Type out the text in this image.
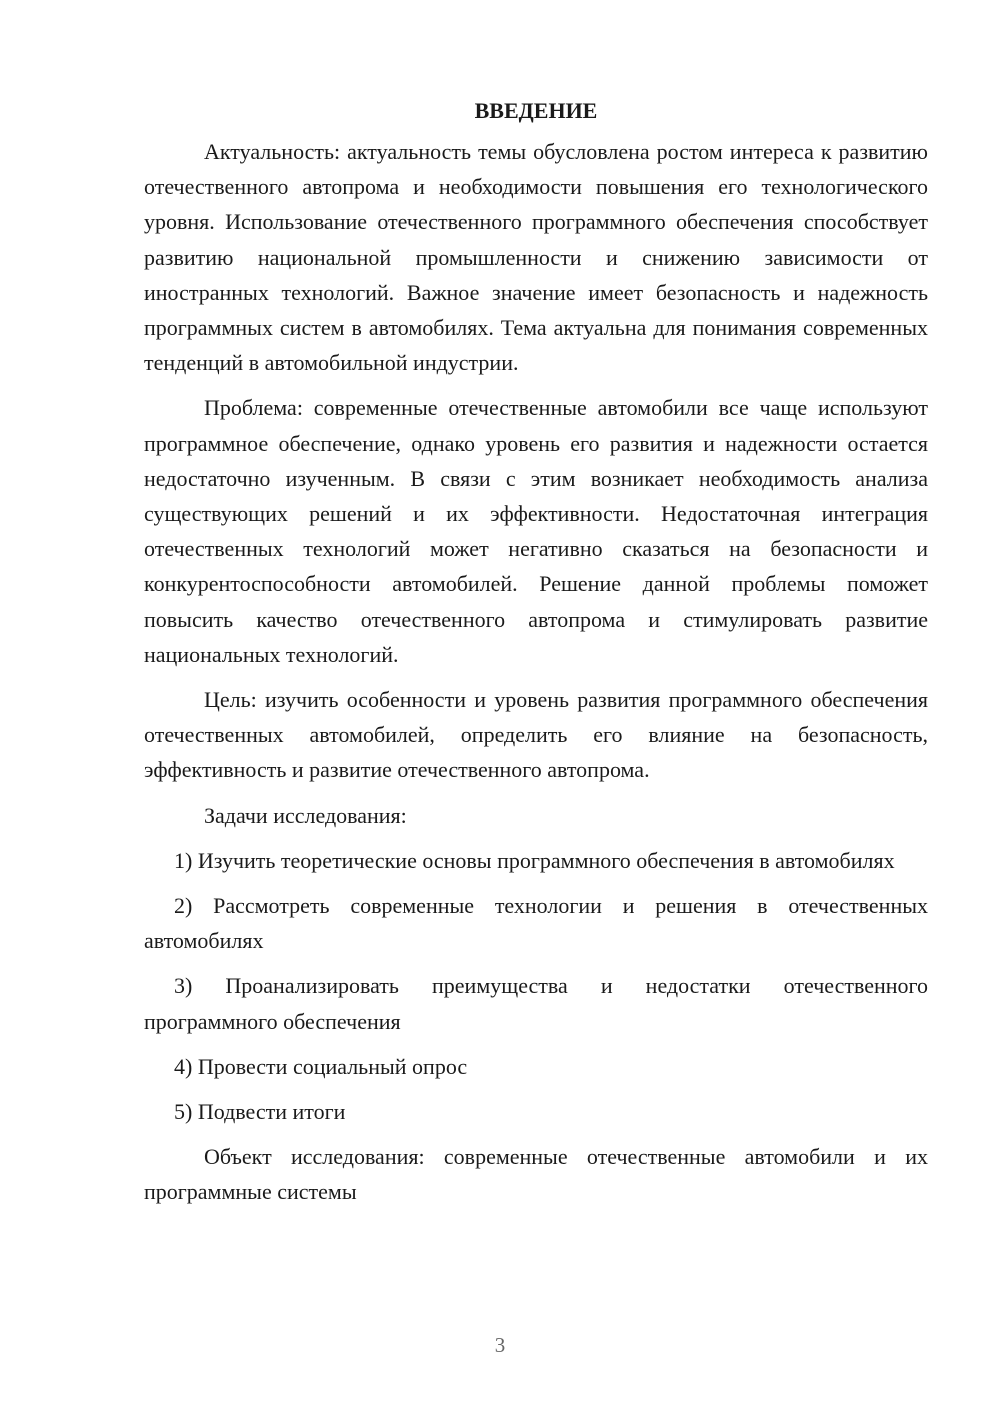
ВВЕДЕНИЕ

Актуальность: актуальность темы обусловлена ростом интереса к развитию отечественного автопрома и необходимости повышения его технологического уровня. Использование отечественного программного обеспечения способствует развитию национальной промышленности и снижению зависимости от иностранных технологий. Важное значение имеет безопасность и надежность программных систем в автомобилях. Тема актуальна для понимания современных тенденций в автомобильной индустрии.

Проблема: современные отечественные автомобили все чаще используют программное обеспечение, однако уровень его развития и надежности остается недостаточно изученным. В связи с этим возникает необходимость анализа существующих решений и их эффективности. Недостаточная интеграция отечественных технологий может негативно сказаться на безопасности и конкурентоспособности автомобилей. Решение данной проблемы поможет повысить качество отечественного автопрома и стимулировать развитие национальных технологий.

Цель: изучить особенности и уровень развития программного обеспечения отечественных автомобилей, определить его влияние на безопасность, эффективность и развитие отечественного автопрома.

Задачи исследования:

1) Изучить теоретические основы программного обеспечения в автомобилях

2) Рассмотреть современные технологии и решения в отечественных автомобилях

3) Проанализировать преимущества и недостатки отечественного программного обеспечения

4) Провести социальный опрос

5) Подвести итоги

Объект исследования: современные отечественные автомобили и их программные системы

3
